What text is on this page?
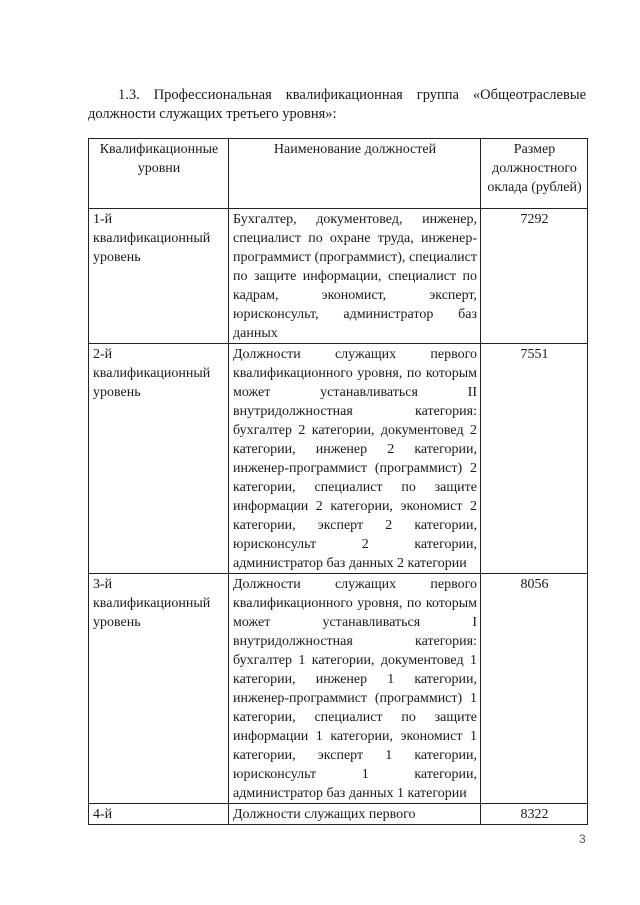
1.3. Профессиональная квалификационная группа «Общеотраслевые должности служащих третьего уровня»:

Квалификационные уровни	Наименование должностей	Размер должностного оклада (рублей)
1-й квалификационный уровень	Бухгалтер, документовед, инженер, специалист по охране труда, инженер-программист (программист), специалист по защите информации, специалист по кадрам, экономист, эксперт, юрисконсульт, администратор баз данных	7292
2-й квалификационный уровень	Должности служащих первого квалификационного уровня, по которым может устанавливаться II внутридолжностная категория: бухгалтер 2 категории, документовед 2 категории, инженер 2 категории, инженер-программист (программист) 2 категории, специалист по защите информации 2 категории, экономист 2 категории, эксперт 2 категории, юрисконсульт 2 категории, администратор баз данных 2 категории	7551
3-й квалификационный уровень	Должности служащих первого квалификационного уровня, по которым может устанавливаться I внутридолжностная категория: бухгалтер 1 категории, документовед 1 категории, инженер 1 категории, инженер-программист (программист) 1 категории, специалист по защите информации 1 категории, экономист 1 категории, эксперт 1 категории, юрисконсульт 1 категории, администратор баз данных 1 категории	8056
4-й	Должности служащих первого	8322
3
